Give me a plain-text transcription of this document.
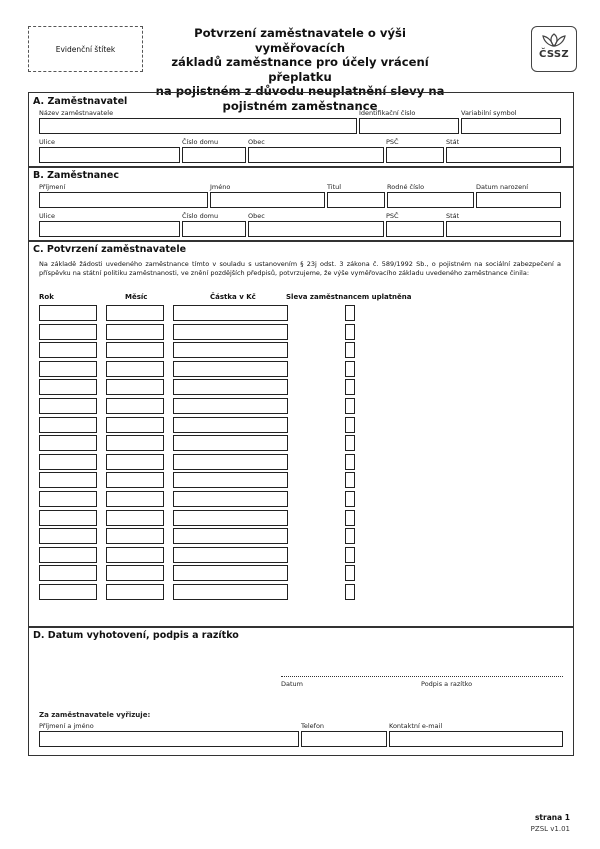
Evidenční štítek
Potvrzení zaměstnavatele o výši vyměřovacích
základů zaměstnance pro účely vrácení přeplatku
na pojistném z důvodu neuplatnění slevy na
pojistném zaměstnance
ČSSZ
A. Zaměstnavatel
Název zaměstnavatele	Identifikační číslo	Variabilní symbol
Ulice	Číslo domu	Obec	PSČ	Stát
B. Zaměstnanec
Příjmení	Jméno	Titul	Rodné číslo	Datum narození
Ulice	Číslo domu	Obec	PSČ	Stát
C. Potvrzení zaměstnavatele
Na základě žádosti uvedeného zaměstnance tímto v souladu s ustanovením § 23j odst. 3 zákona č. 589/1992 Sb., o pojistném na sociální zabezpečení a příspěvku na státní politiku zaměstnanosti, ve znění pozdějších předpisů, potvrzujeme, že výše vyměřovacího základu uvedeného zaměstnance činila:
Rok	Měsíc	Částka v Kč	Sleva zaměstnancem uplatněna
D. Datum vyhotovení, podpis a razítko
Datum	Podpis a razítko
Za zaměstnavatele vyřizuje:
Příjmení a jméno	Telefon	Kontaktní e-mail
strana 1
PZSL v1.01
